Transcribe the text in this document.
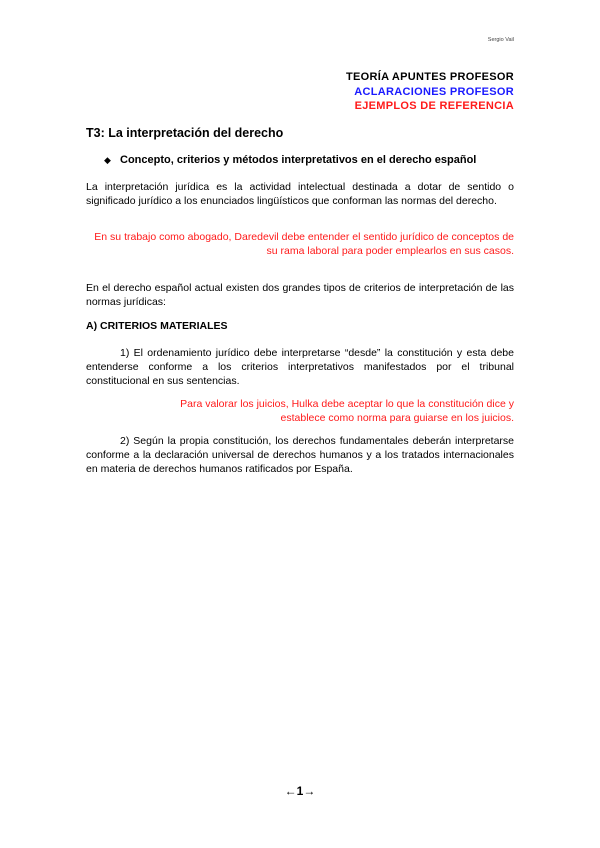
Sergio Vail
TEORÍA APUNTES PROFESOR
ACLARACIONES PROFESOR
EJEMPLOS DE REFERENCIA
T3: La interpretación del derecho
◆ Concepto, criterios y métodos interpretativos en el derecho español
La interpretación jurídica es la actividad intelectual destinada a dotar de sentido o significado jurídico a los enunciados lingüísticos que conforman las normas del derecho.
En su trabajo como abogado, Daredevil debe entender el sentido jurídico de conceptos de su rama laboral para poder emplearlos en sus casos.
En el derecho español actual existen dos grandes tipos de criterios de interpretación de las normas jurídicas:
A) CRITERIOS MATERIALES
1) El ordenamiento jurídico debe interpretarse “desde” la constitución y esta debe entenderse conforme a los criterios interpretativos manifestados por el tribunal constitucional en sus sentencias.
Para valorar los juicios, Hulka debe aceptar lo que la constitución dice y establece como norma para guiarse en los juicios.
2) Según la propia constitución, los derechos fundamentales deberán interpretarse conforme a la declaración universal de derechos humanos y a los tratados internacionales en materia de derechos humanos ratificados por España.
←1→
